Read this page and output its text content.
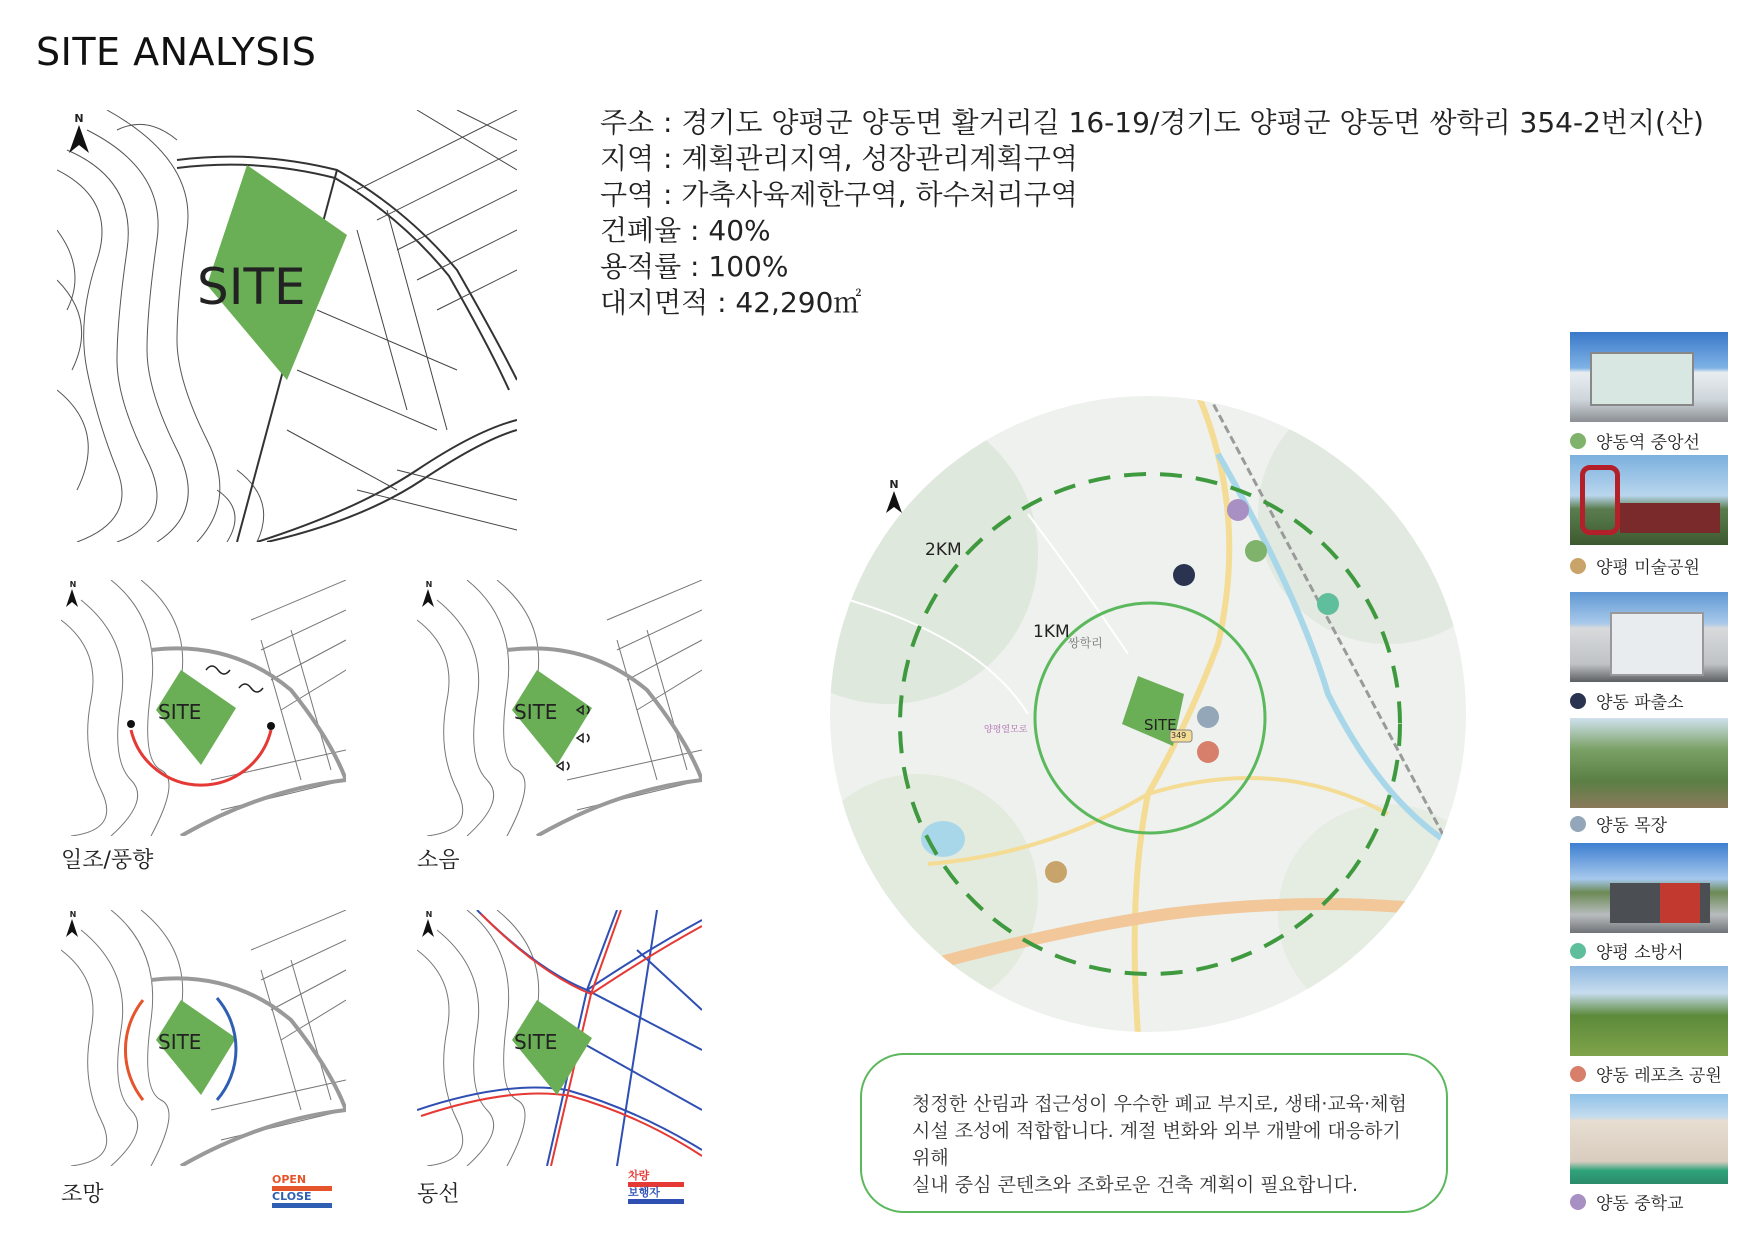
SITE ANALYSIS
주소 : 경기도 양평군 양동면 활거리길 16-19/경기도 양평군 양동면 쌍학리 354-2번지(산)
지역 : 계획관리지역, 성장관리계획구역
구역 : 가축사육제한구역, 하수처리구역
건폐율 : 40%
용적률 : 100%
대지면적 : 42,290㎡
SITE
N
SITE
N
일조/풍향
SITE
N
소음
SITE
N
조망
OPEN
CLOSE
SITE
N
동선
차량
보행자
2KM
1KM
쌍학리
SITE
349
양평열모로
N
청정한 산림과 접근성이 우수한 폐교 부지로, 생태·교육·체험
시설 조성에 적합합니다. 계절 변화와 외부 개발에 대응하기 위해
실내 중심 콘텐츠와 조화로운 건축 계획이 필요합니다.
양동역 중앙선
양평 미술공원
양동 파출소
양동 목장
양평 소방서
양동 레포츠 공원
양동 중학교
